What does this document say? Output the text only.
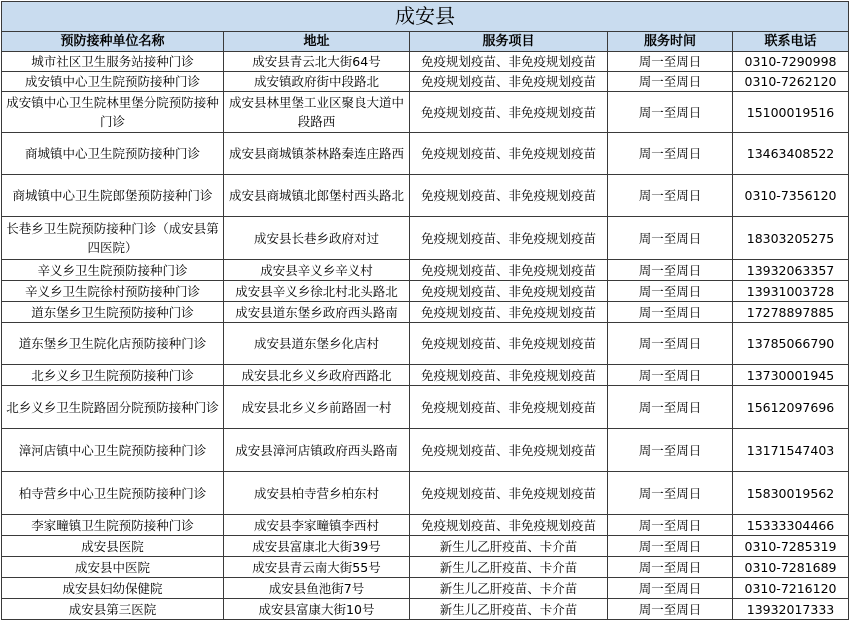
成安县				
预防接种单位名称	地址	服务项目	服务时间	联系电话
城市社区卫生服务站接种门诊	成安县青云北大街64号	免疫规划疫苗、非免疫规划疫苗	周一至周日	0310-7290998
成安镇中心卫生院预防接种门诊	成安镇政府街中段路北	免疫规划疫苗、非免疫规划疫苗	周一至周日	0310-7262120
成安镇中心卫生院林里堡分院预防接种门诊	成安县林里堡工业区聚良大道中段路西	免疫规划疫苗、非免疫规划疫苗	周一至周日	15100019516
商城镇中心卫生院预防接种门诊	成安县商城镇茶林路秦连庄路西	免疫规划疫苗、非免疫规划疫苗	周一至周日	13463408522
商城镇中心卫生院郎堡预防接种门诊	成安县商城镇北郎堡村西头路北	免疫规划疫苗、非免疫规划疫苗	周一至周日	0310-7356120
长巷乡卫生院预防接种门诊（成安县第四医院）	成安县长巷乡政府对过	免疫规划疫苗、非免疫规划疫苗	周一至周日	18303205275
辛义乡卫生院预防接种门诊	成安县辛义乡辛义村	免疫规划疫苗、非免疫规划疫苗	周一至周日	13932063357
辛义乡卫生院徐村预防接种门诊	成安县辛义乡徐北村北头路北	免疫规划疫苗、非免疫规划疫苗	周一至周日	13931003728
道东堡乡卫生院预防接种门诊	成安县道东堡乡政府西头路南	免疫规划疫苗、非免疫规划疫苗	周一至周日	17278897885
道东堡乡卫生院化店预防接种门诊	成安县道东堡乡化店村	免疫规划疫苗、非免疫规划疫苗	周一至周日	13785066790
北乡义乡卫生院预防接种门诊	成安县北乡义乡政府西路北	免疫规划疫苗、非免疫规划疫苗	周一至周日	13730001945
北乡义乡卫生院路固分院预防接种门诊	成安县北乡义乡前路固一村	免疫规划疫苗、非免疫规划疫苗	周一至周日	15612097696
漳河店镇中心卫生院预防接种门诊	成安县漳河店镇政府西头路南	免疫规划疫苗、非免疫规划疫苗	周一至周日	13171547403
柏寺营乡中心卫生院预防接种门诊	成安县柏寺营乡柏东村	免疫规划疫苗、非免疫规划疫苗	周一至周日	15830019562
李家疃镇卫生院预防接种门诊	成安县李家疃镇李西村	免疫规划疫苗、非免疫规划疫苗	周一至周日	15333304466
成安县医院	成安县富康北大街39号	新生儿乙肝疫苗、卡介苗	周一至周日	0310-7285319
成安县中医院	成安县青云南大街55号	新生儿乙肝疫苗、卡介苗	周一至周日	0310-7281689
成安县妇幼保健院	成安县鱼池街7号	新生儿乙肝疫苗、卡介苗	周一至周日	0310-7216120
成安县第三医院	成安县富康大街10号	新生儿乙肝疫苗、卡介苗	周一至周日	13932017333
